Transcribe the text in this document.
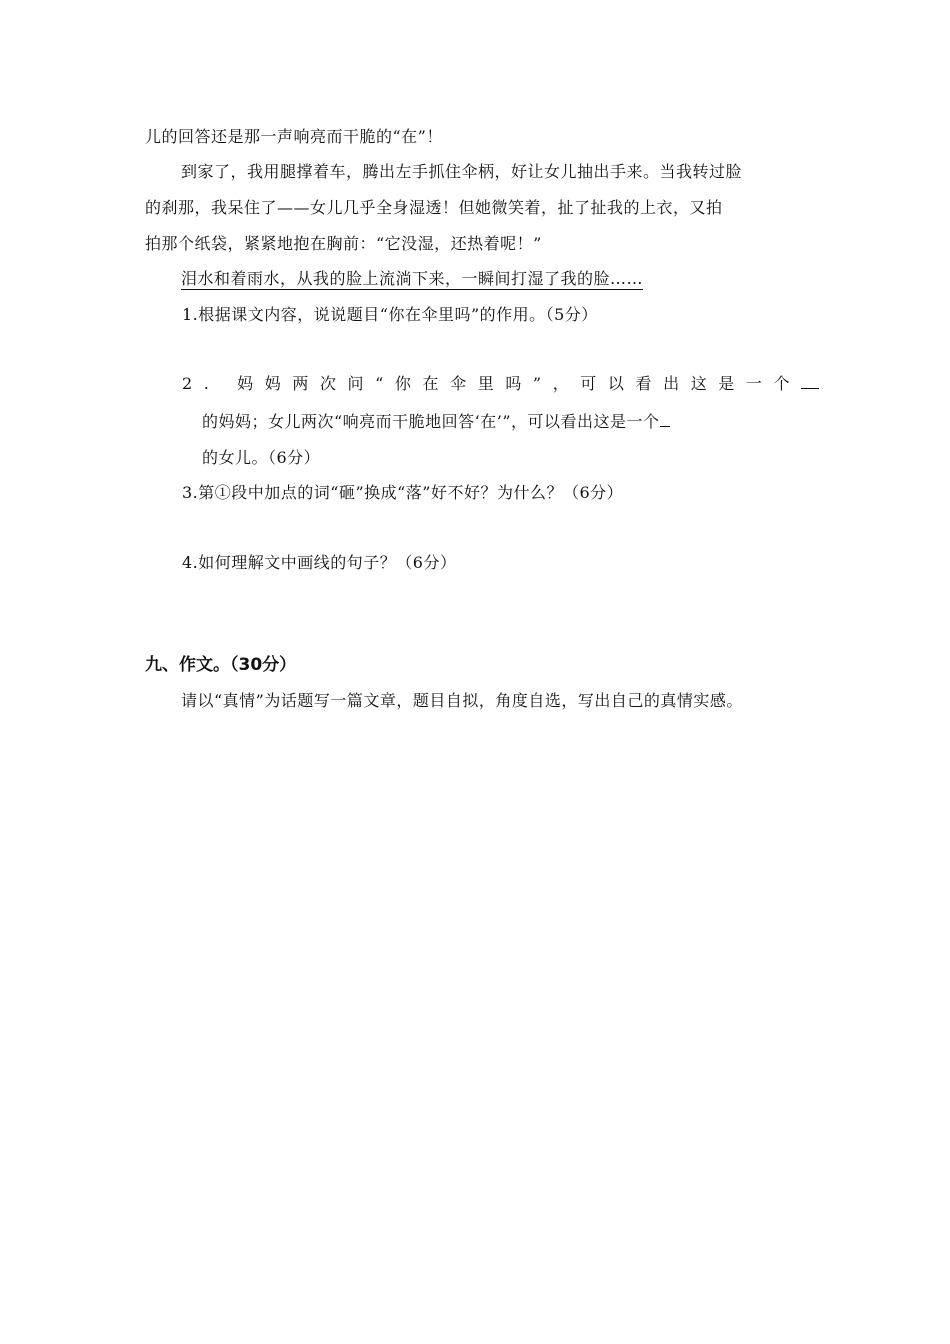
儿的回答还是那一声响亮而干脆的“在”！
到家了，我用腿撑着车，腾出左手抓住伞柄，好让女儿抽出手来。当我转过脸
的刹那，我呆住了——女儿几乎全身湿透！但她微笑着，扯了扯我的上衣，又拍
拍那个纸袋，紧紧地抱在胸前：“它没湿，还热着呢！”
泪水和着雨水，从我的脸上流淌下来，一瞬间打湿了我的脸……
1.根据课文内容，说说题目“你在伞里吗”的作用。（5分）
2. 妈妈两次问“你在伞里吗”，可以看出这是一个
的妈妈；女儿两次“响亮而干脆地回答‘在’”，可以看出这是一个
的女儿。（6分）
3.第①段中加点的词“砸”换成“落”好不好？为什么？（6分）
4.如何理解文中画线的句子？（6分）
九、作文。（30分）
请以“真情”为话题写一篇文章，题目自拟，角度自选，写出自己的真情实感。
